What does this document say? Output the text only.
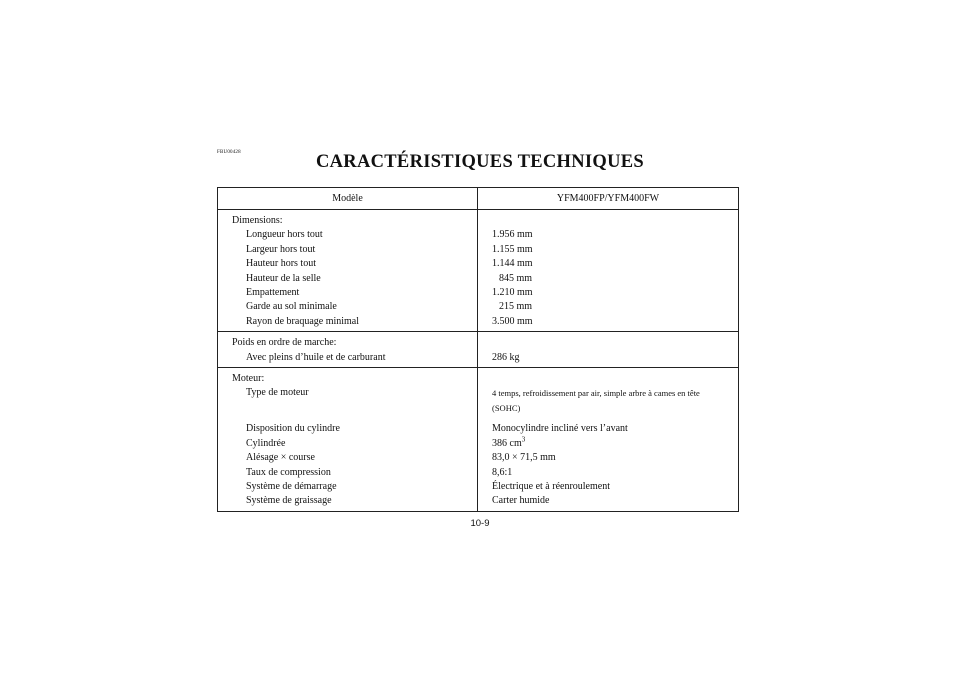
FBU00428	CARACTÉRISTIQUES TECHNIQUES
Modèle	YFM400FP/YFM400FW
Dimensions:	
Longueur hors tout	1.956 mm
Largeur hors tout	1.155 mm
Hauteur hors tout	1.144 mm
Hauteur de la selle	845 mm
Empattement	1.210 mm
Garde au sol minimale	215 mm
Rayon de braquage minimal	3.500 mm
Poids en ordre de marche:	
Avec pleins d’huile et de carburant	286 kg
Moteur:	
Type de moteur	4 temps, refroidissement par air, simple arbre à cames en tête
(SOHC)

Disposition du cylindre	Monocylindre incliné vers l’avant
Cylindrée	386 $cm^3$
Alésage × course	83,0 × 71,5 mm
Taux de compression	8,6:1
Système de démarrage	Électrique et à réenroulement
Système de graissage	Carter humide
10-9
